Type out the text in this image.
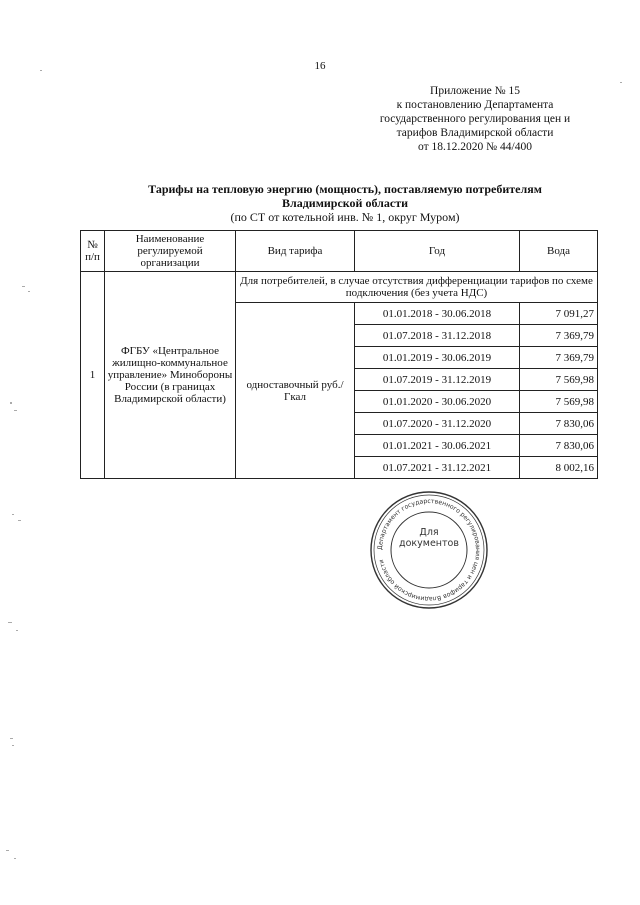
16
Приложение № 15
к постановлению Департамента
государственного регулирования цен и
тарифов Владимирской области
от 18.12.2020 № 44/400
Тарифы на тепловую энергию (мощность), поставляемую потребителям
Владимирской области
(по СТ от котельной инв. № 1, округ Муром)
№ п/п	Наименование регулируемой организации	Вид тарифа	Год	Вода
1	ФГБУ «Центральное жилищно-коммунальное управление» Минобороны России (в границах Владимирской области)	Для потребителей, в случае отсутствия дифференциации тарифов по схеме подключения (без учета НДС)		
		одноставочный руб./Гкал	01.01.2018 - 30.06.2018	7 091,27
			01.07.2018 - 31.12.2018	7 369,79
			01.01.2019 - 30.06.2019	7 369,79
			01.07.2019 - 31.12.2019	7 569,98
			01.01.2020 - 30.06.2020	7 569,98
			01.07.2020 - 31.12.2020	7 830,06
			01.01.2021 - 30.06.2021	7 830,06
			01.07.2021 - 31.12.2021	8 002,16
Департамент государственного регулирования цен и тарифов Владимирской области
Для
документов
